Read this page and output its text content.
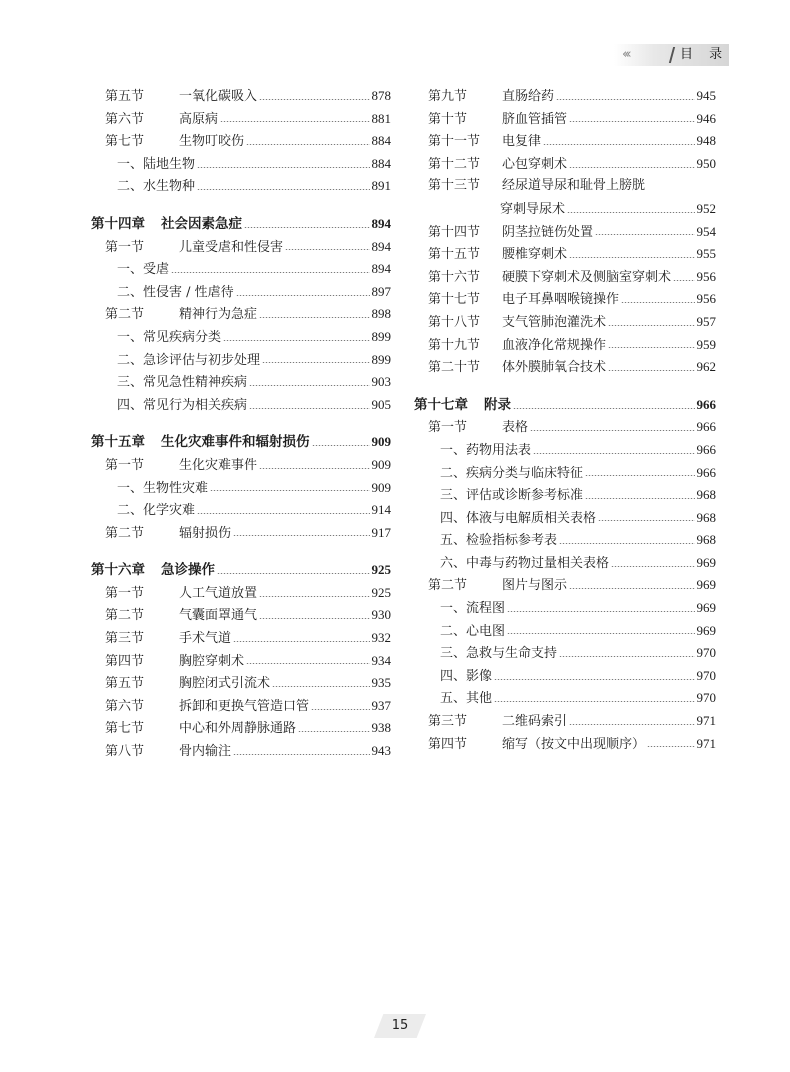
‹‹‹	目 录
第五节	一氧化碳吸入	878
第六节	高原病	881
第七节	生物叮咬伤	884
一、 陆地生物	884
二、 水生物种	891
第十四章	社会因素急症	894
第一节	儿童受虐和性侵害	894
一、 受虐	894
二、 性侵害 / 性虐待	897
第二节	精神行为急症	898
一、 常见疾病分类	899
二、 急诊评估与初步处理	899
三、 常见急性精神疾病	903
四、 常见行为相关疾病	905
第十五章	生化灾难事件和辐射损伤	909
第一节	生化灾难事件	909
一、 生物性灾难	909
二、 化学灾难	914
第二节	辐射损伤	917
第十六章	急诊操作	925
第一节	人工气道放置	925
第二节	气囊面罩通气	930
第三节	手术气道	932
第四节	胸腔穿刺术	934
第五节	胸腔闭式引流术	935
第六节	拆卸和更换气管造口管	937
第七节	中心和外周静脉通路	938
第八节	骨内输注	943
第九节	直肠给药	945
第十节	脐血管插管	946
第十一节	电复律	948
第十二节	心包穿刺术	950
第十三节	经尿道导尿和耻骨上膀胱
穿刺导尿术	952
第十四节	阴茎拉链伤处置	954
第十五节	腰椎穿刺术	955
第十六节	硬膜下穿刺术及侧脑室穿刺术 956
第十七节	电子耳鼻咽喉镜操作	956
第十八节	支气管肺泡灌洗术	957
第十九节	血液净化常规操作	959
第二十节	体外膜肺氧合技术	962
第十七章	附录	966
第一节	表格	966
一、 药物用法表	966
二、 疾病分类与临床特征	966
三、 评估或诊断参考标准	968
四、 体液与电解质相关表格	968
五、 检验指标参考表	968
六、 中毒与药物过量相关表格	969
第二节	图片与图示	969
一、 流程图	969
二、 心电图	969
三、 急救与生命支持	970
四、 影像	970
五、 其他	970
第三节	二维码索引	971
第四节	缩写（按文中出现顺序）	971
15
